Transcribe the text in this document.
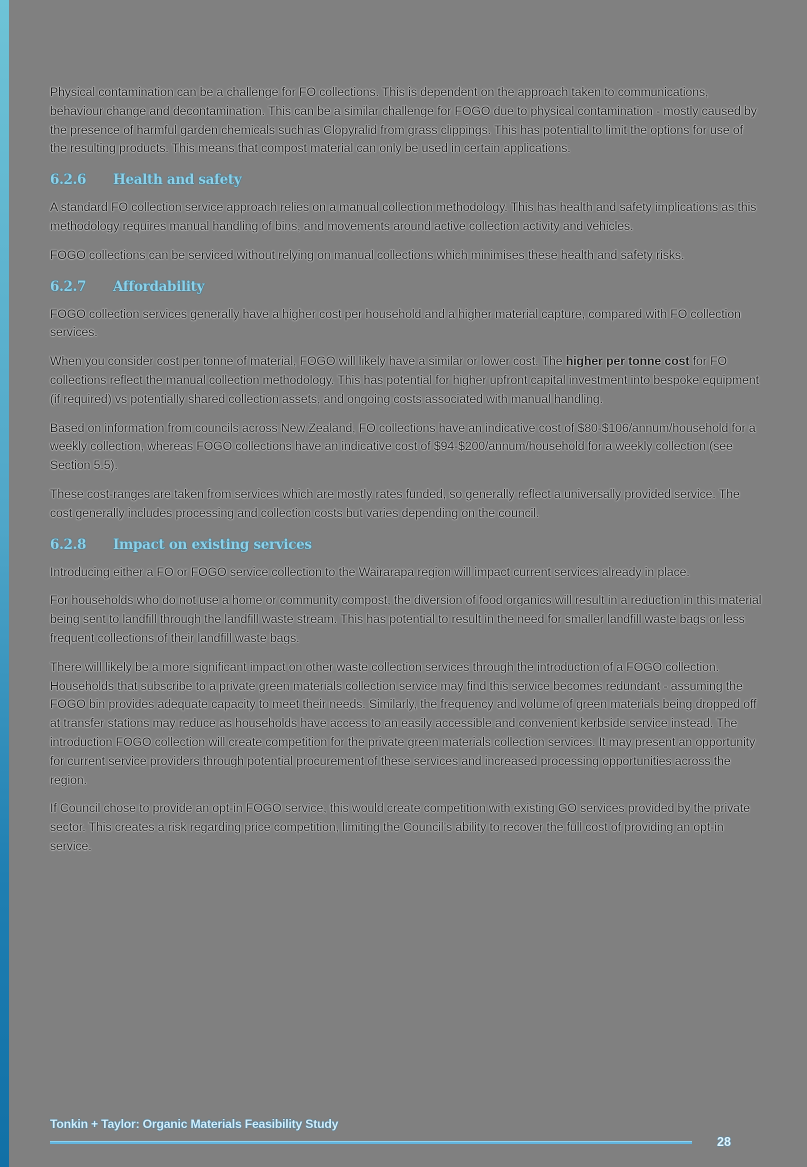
Physical contamination can be a challenge for FO collections. This is dependent on the approach taken to communications, behaviour change and decontamination. This can be a similar challenge for FOGO due to physical contamination - mostly caused by the presence of harmful garden chemicals such as Clopyralid from grass clippings. This has potential to limit the options for use of the resulting products. This means that compost material can only be used in certain applications.

6.2.6	Health and safety

A standard FO collection service approach relies on a manual collection methodology. This has health and safety implications as this methodology requires manual handling of bins, and movements around active collection activity and vehicles.

FOGO collections can be serviced without relying on manual collections which minimises these health and safety risks.

6.2.7	Affordability

FOGO collection services generally have a higher cost per household and a higher material capture, compared with FO collection services.

When you consider cost per tonne of material, FOGO will likely have a similar or lower cost. The higher per tonne cost for FO collections reflect the manual collection methodology. This has potential for higher upfront capital investment into bespoke equipment (if required) vs potentially shared collection assets, and ongoing costs associated with manual handling.

Based on information from councils across New Zealand, FO collections have an indicative cost of $80-$106/annum/household for a weekly collection, whereas FOGO collections have an indicative cost of $94-$200/annum/household for a weekly collection (see Section 5.5).

These cost-ranges are taken from services which are mostly rates funded, so generally reflect a universally provided service. The cost generally includes processing and collection costs but varies depending on the council.

6.2.8	Impact on existing services

Introducing either a FO or FOGO service collection to the Wairarapa region will impact current services already in place.

For households who do not use a home or community compost, the diversion of food organics will result in a reduction in this material being sent to landfill through the landfill waste stream. This has potential to result in the need for smaller landfill waste bags or less frequent collections of their landfill waste bags.

There will likely be a more significant impact on other waste collection services through the introduction of a FOGO collection. Households that subscribe to a private green materials collection service may find this service becomes redundant - assuming the FOGO bin provides adequate capacity to meet their needs. Similarly, the frequency and volume of green materials being dropped off at transfer stations may reduce as households have access to an easily accessible and convenient kerbside service instead. The introduction FOGO collection will create competition for the private green materials collection services. It may present an opportunity for current service providers through potential procurement of these services and increased processing opportunities across the region.

If Council chose to provide an opt-in FOGO service, this would create competition with existing GO services provided by the private sector. This creates a risk regarding price competition, limiting the Council’s ability to recover the full cost of providing an opt-in service.

Tonkin + Taylor: Organic Materials Feasibility Study
28
